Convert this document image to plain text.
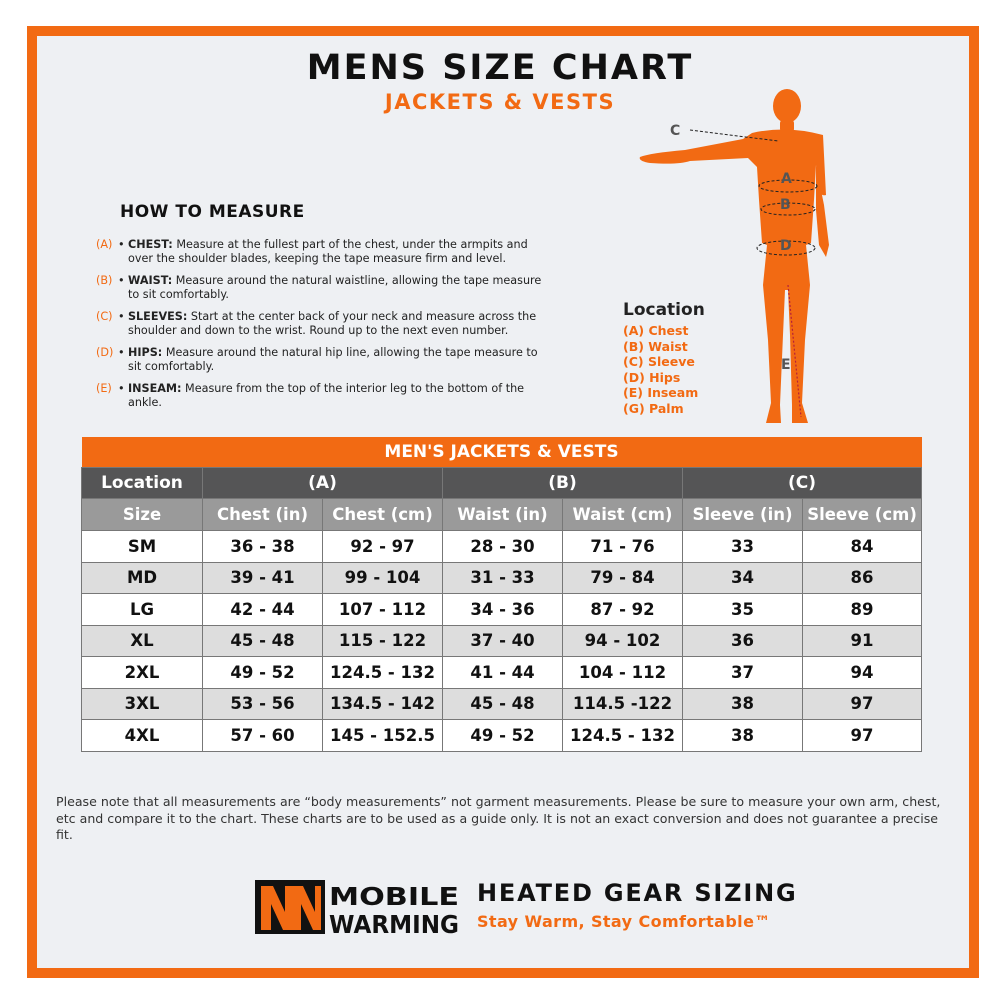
MENS SIZE CHART
JACKETS & VESTS
HOW TO MEASURE
(A) • CHEST: Measure at the fullest part of the chest, under the armpits and over the shoulder blades, keeping the tape measure firm and level.
(B) • WAIST: Measure around the natural waistline, allowing the tape measure to sit comfortably.
(C) • SLEEVES: Start at the center back of your neck and measure across the shoulder and down to the wrist. Round up to the next even number.
(D) • HIPS: Measure around the natural hip line, allowing the tape measure to sit comfortably.
(E) • INSEAM: Measure from the top of the interior leg to the bottom of the ankle.
Location
(A) Chest
(B) Waist
(C) Sleeve
(D) Hips
(E) Inseam
(G) Palm
C
A
B
D
E
MEN'S JACKETS & VESTS						
Location	(A)		(B)		(C)	
Size	Chest (in)	Chest (cm)	Waist (in)	Waist (cm)	Sleeve (in)	Sleeve (cm)
SM	36 - 38	92 - 97	28 - 30	71 - 76	33	84
MD	39 - 41	99 - 104	31 - 33	79 - 84	34	86
LG	42 - 44	107 - 112	34 - 36	87 - 92	35	89
XL	45 - 48	115 - 122	37 - 40	94 - 102	36	91
2XL	49 - 52	124.5 - 132	41 - 44	104 - 112	37	94
3XL	53 - 56	134.5 - 142	45 - 48	114.5 -122	38	97
4XL	57 - 60	145 - 152.5	49 - 52	124.5 - 132	38	97
Please note that all measurements are “body measurements” not garment measurements. Please be sure to measure your own arm, chest, etc and compare it to the chart. These charts are to be used as a guide only. It is not an exact conversion and does not guarantee a precise fit.
MOBILE
WARMING
HEATED GEAR SIZING
Stay Warm, Stay Comfortable™
